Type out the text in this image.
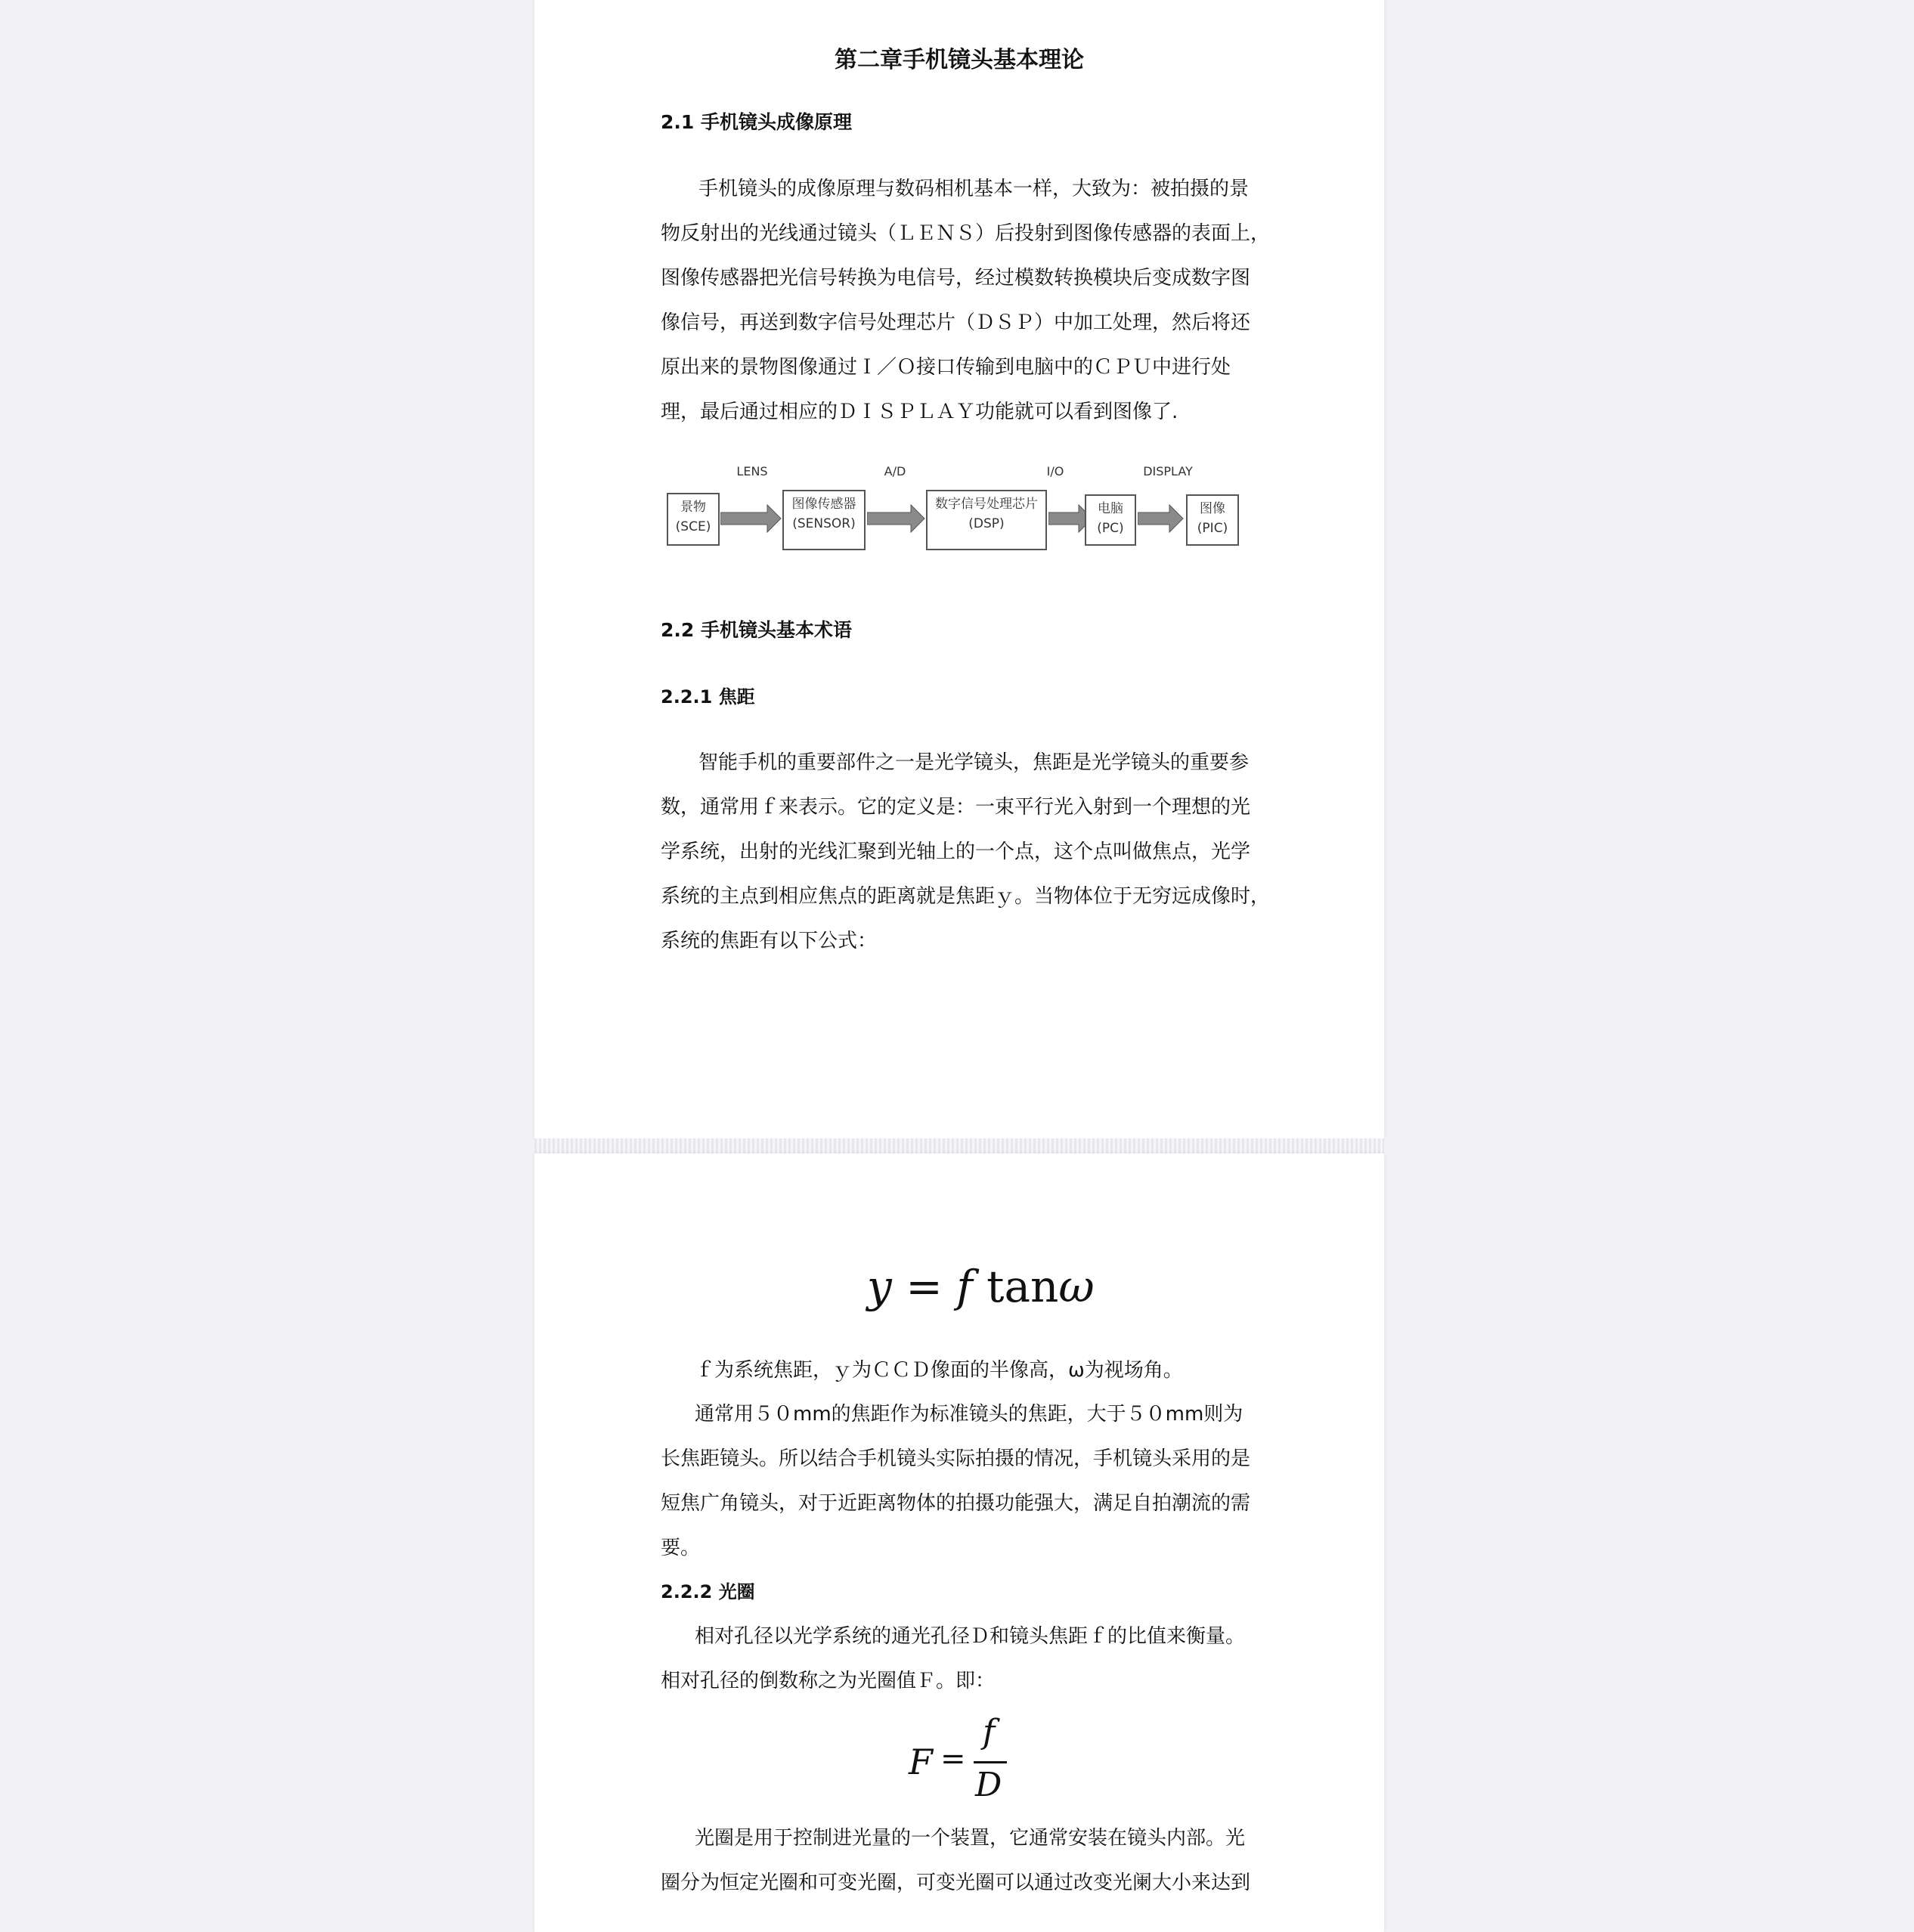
第二章手机镜头基本理论
2.1 手机镜头成像原理
手机镜头的成像原理与数码相机基本一样，大致为：被拍摄的景
物反射出的光线通过镜头（ＬＥＮＳ）后投射到图像传感器的表面上，
图像传感器把光信号转换为电信号，经过模数转换模块后变成数字图
像信号，再送到数字信号处理芯片（ＤＳＰ）中加工处理，然后将还
原出来的景物图像通过Ｉ／Ｏ接口传输到电脑中的ＣＰＵ中进行处
理，最后通过相应的ＤＩＳＰＬＡＹ功能就可以看到图像了.
LENS	A/D	I/O	DISPLAY
景物
(SCE)
图像传感器
(SENSOR)
数字信号处理芯片
(DSP)
电脑
(PC)
图像
(PIC)
2.2 手机镜头基本术语
2.2.1 焦距
智能手机的重要部件之一是光学镜头，焦距是光学镜头的重要参
数，通常用ｆ来表示。它的定义是：一束平行光入射到一个理想的光
学系统，出射的光线汇聚到光轴上的一个点，这个点叫做焦点，光学
系统的主点到相应焦点的距离就是焦距ｙ。当物体位于无穷远成像时，
系统的焦距有以下公式：
y = f tanω
ｆ为系统焦距，ｙ为ＣＣＤ像面的半像高，ω为视场角。
通常用５０mm的焦距作为标准镜头的焦距，大于５０mm则为
长焦距镜头。所以结合手机镜头实际拍摄的情况，手机镜头采用的是
短焦广角镜头，对于近距离物体的拍摄功能强大，满足自拍潮流的需
要。
2.2.2 光圈
相对孔径以光学系统的通光孔径Ｄ和镜头焦距ｆ的比值来衡量。
相对孔径的倒数称之为光圈值Ｆ。即：
F =
f
D
光圈是用于控制进光量的一个装置，它通常安装在镜头内部。光
圈分为恒定光圈和可变光圈，可变光圈可以通过改变光阑大小来达到
